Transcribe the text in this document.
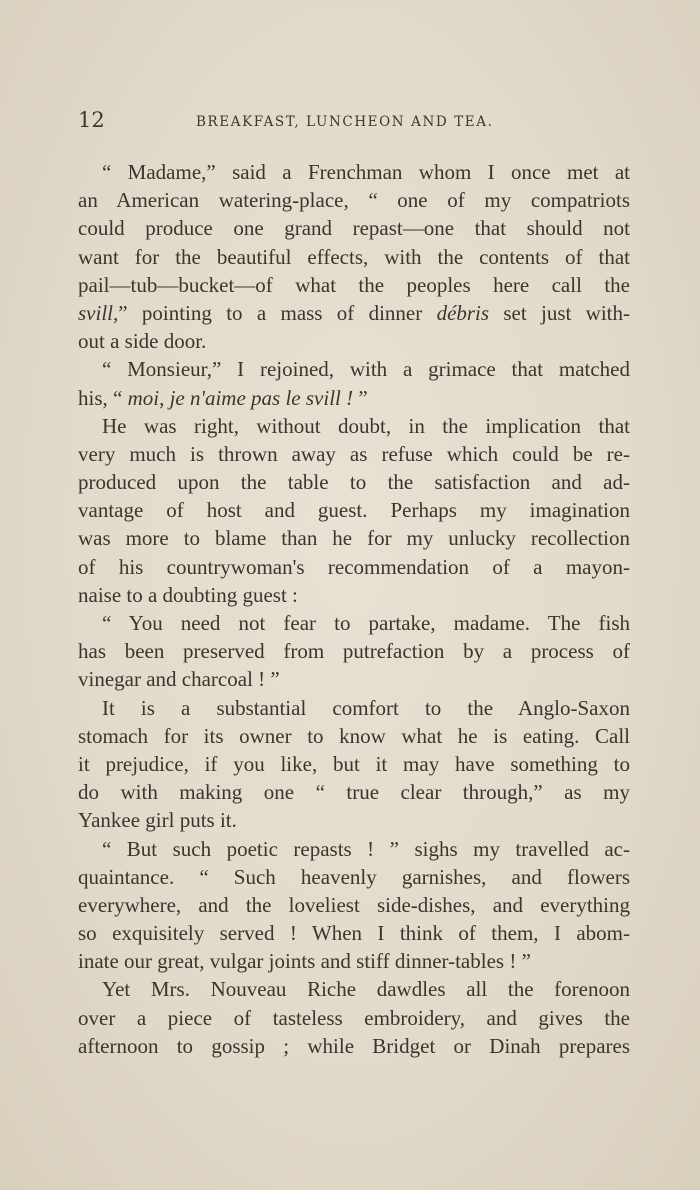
12	BREAKFAST, LUNCHEON AND TEA.
“ Madame,” said a Frenchman whom I once met at
an American watering-place, “ one of my compatriots
could produce one grand repast—one that should not
want for the beautiful effects, with the contents of that
pail—tub—bucket—of what the peoples here call the
svill,” pointing to a mass of dinner débris set just with-
out a side door.
“ Monsieur,” I rejoined, with a grimace that matched
his, “ moi, je n'aime pas le svill ! ”
He was right, without doubt, in the implication that
very much is thrown away as refuse which could be re-
produced upon the table to the satisfaction and ad-
vantage of host and guest. Perhaps my imagination
was more to blame than he for my unlucky recollection
of his countrywoman's recommendation of a mayon-
naise to a doubting guest :
“ You need not fear to partake, madame. The fish
has been preserved from putrefaction by a process of
vinegar and charcoal ! ”
It is a substantial comfort to the Anglo-Saxon
stomach for its owner to know what he is eating. Call
it prejudice, if you like, but it may have something to
do with making one “ true clear through,” as my
Yankee girl puts it.
“ But such poetic repasts ! ” sighs my travelled ac-
quaintance. “ Such heavenly garnishes, and flowers
everywhere, and the loveliest side-dishes, and everything
so exquisitely served ! When I think of them, I abom-
inate our great, vulgar joints and stiff dinner-tables ! ”
Yet Mrs. Nouveau Riche dawdles all the forenoon
over a piece of tasteless embroidery, and gives the
afternoon to gossip ; while Bridget or Dinah prepares
